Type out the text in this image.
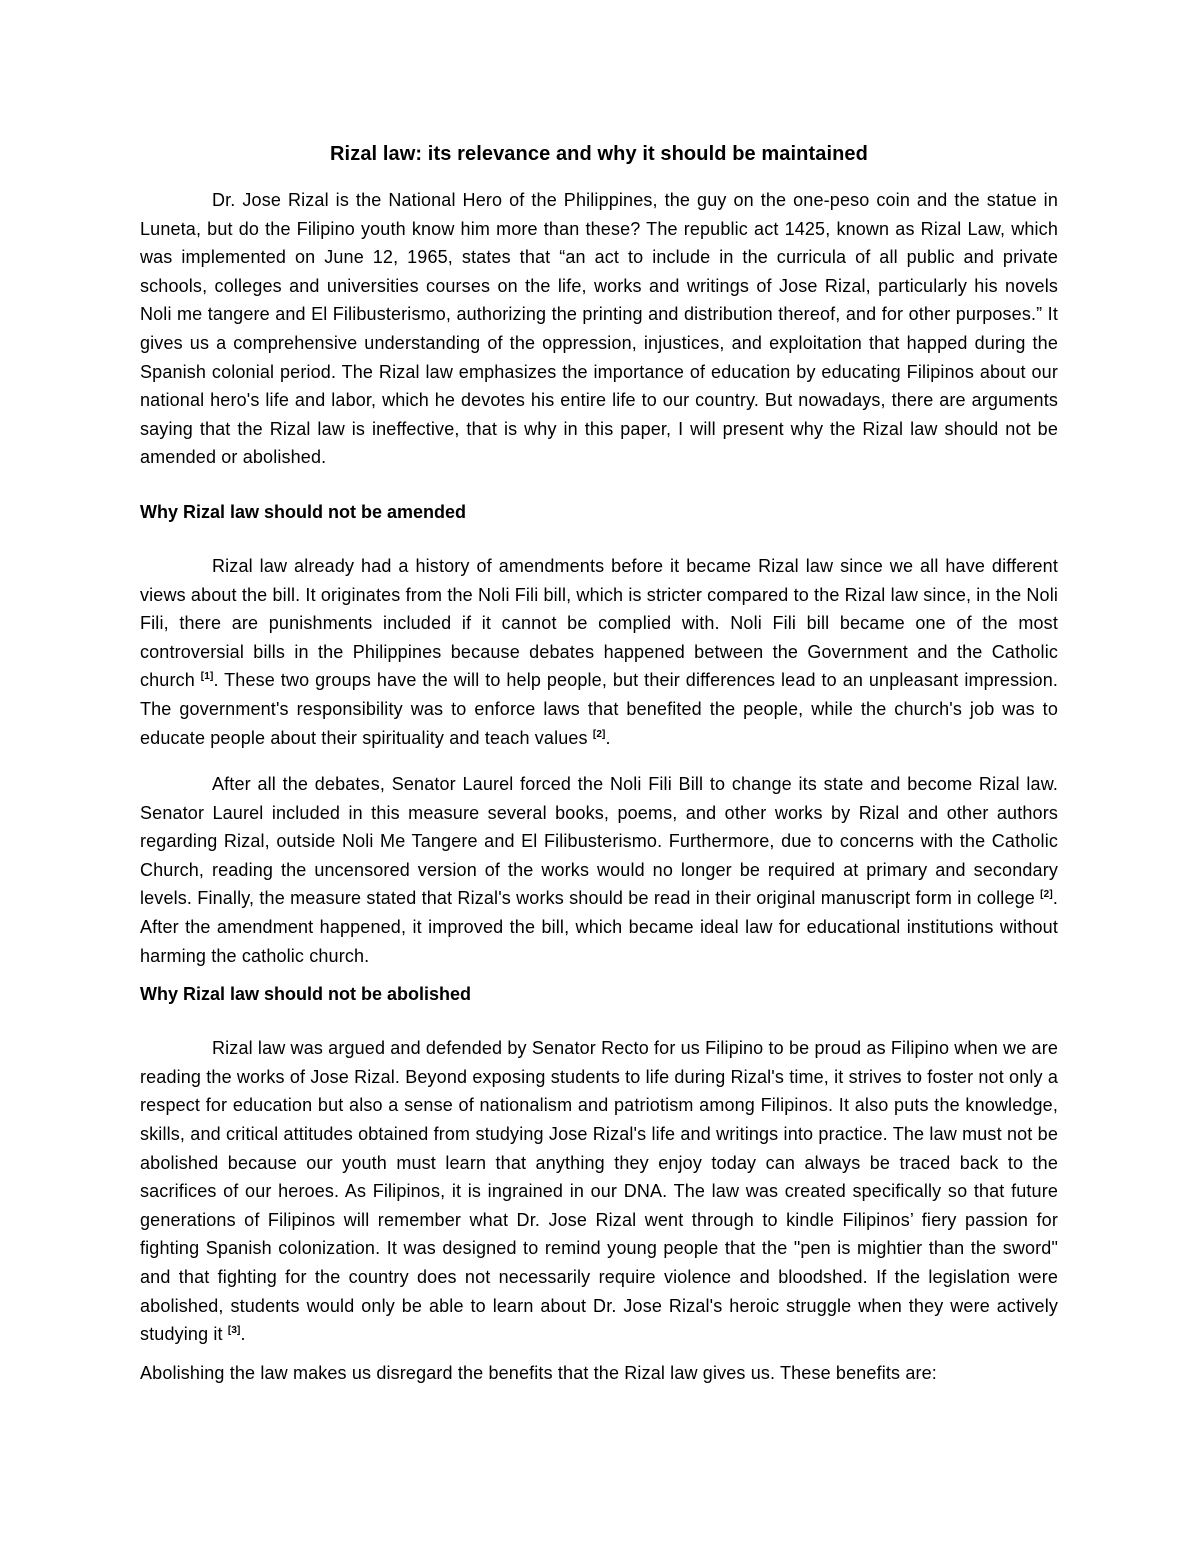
Rizal law: its relevance and why it should be maintained

Dr. Jose Rizal is the National Hero of the Philippines, the guy on the one-peso coin and the statue in Luneta, but do the Filipino youth know him more than these? The republic act 1425, known as Rizal Law, which was implemented on June 12, 1965, states that “an act to include in the curricula of all public and private schools, colleges and universities courses on the life, works and writings of Jose Rizal, particularly his novels Noli me tangere and El Filibusterismo, authorizing the printing and distribution thereof, and for other purposes.” It gives us a comprehensive understanding of the oppression, injustices, and exploitation that happed during the Spanish colonial period. The Rizal law emphasizes the importance of education by educating Filipinos about our national hero's life and labor, which he devotes his entire life to our country. But nowadays, there are arguments saying that the Rizal law is ineffective, that is why in this paper, I will present why the Rizal law should not be amended or abolished.

Why Rizal law should not be amended

Rizal law already had a history of amendments before it became Rizal law since we all have different views about the bill. It originates from the Noli Fili bill, which is stricter compared to the Rizal law since, in the Noli Fili, there are punishments included if it cannot be complied with. Noli Fili bill became one of the most controversial bills in the Philippines because debates happened between the Government and the Catholic church [1]. These two groups have the will to help people, but their differences lead to an unpleasant impression. The government's responsibility was to enforce laws that benefited the people, while the church's job was to educate people about their spirituality and teach values [2].

After all the debates, Senator Laurel forced the Noli Fili Bill to change its state and become Rizal law. Senator Laurel included in this measure several books, poems, and other works by Rizal and other authors regarding Rizal, outside Noli Me Tangere and El Filibusterismo. Furthermore, due to concerns with the Catholic Church, reading the uncensored version of the works would no longer be required at primary and secondary levels. Finally, the measure stated that Rizal's works should be read in their original manuscript form in college [2]. After the amendment happened, it improved the bill, which became ideal law for educational institutions without harming the catholic church.

Why Rizal law should not be abolished

Rizal law was argued and defended by Senator Recto for us Filipino to be proud as Filipino when we are reading the works of Jose Rizal. Beyond exposing students to life during Rizal's time, it strives to foster not only a respect for education but also a sense of nationalism and patriotism among Filipinos. It also puts the knowledge, skills, and critical attitudes obtained from studying Jose Rizal's life and writings into practice. The law must not be abolished because our youth must learn that anything they enjoy today can always be traced back to the sacrifices of our heroes. As Filipinos, it is ingrained in our DNA. The law was created specifically so that future generations of Filipinos will remember what Dr. Jose Rizal went through to kindle Filipinos’ fiery passion for fighting Spanish colonization. It was designed to remind young people that the "pen is mightier than the sword" and that fighting for the country does not necessarily require violence and bloodshed. If the legislation were abolished, students would only be able to learn about Dr. Jose Rizal's heroic struggle when they were actively studying it [3].

Abolishing the law makes us disregard the benefits that the Rizal law gives us. These benefits are:
